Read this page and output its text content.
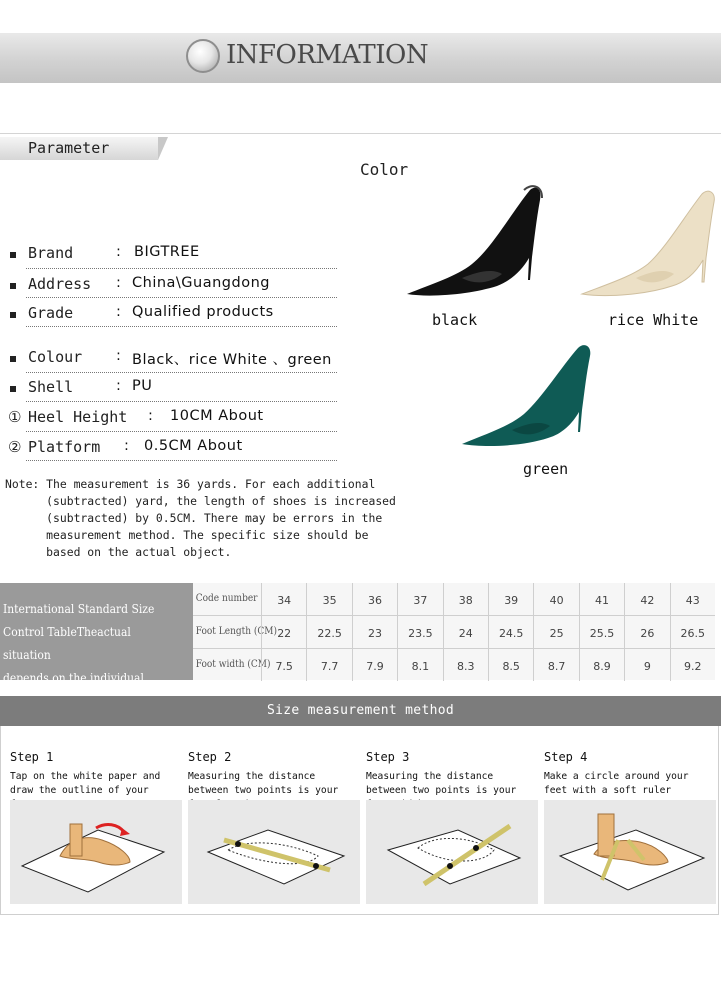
INFORMATION
Parameter
Brand	: BIGTREE
Address : China\Guangdong
Grade	: Qualified products
Colour : Black、rice White 、green
Shell	: PU
① Heel Height : 10CM About
② Platform : 0.5CM About
Note: The measurement is 36 yards. For each additional
(subtracted) yard, the length of shoes is increased
(subtracted) by 0.5CM. There may be errors in the
measurement method. The specific size should be
based on the actual object.
Color
black	rice White
green
International Standard Size
Control TableTheactual situation
depends on the individual.
Code number	34	35	36	37	38	39	40	41	42	43
Foot Length (CM) 22	22.5	23	23.5	24	24.5	25	25.5	26	26.5
Foot width (CM) 7.5	7.7	7.9	8.1	8.3	8.5	8.7	8.9	9	9.2
Size measurement method
Step 1
Tap on the white paper and draw the outline of your
Step 2
Measuring the distance between two points is your
Step 3
Measuring the distance between two points is your
Step 4
Make a circle around your feet with a soft ruler
